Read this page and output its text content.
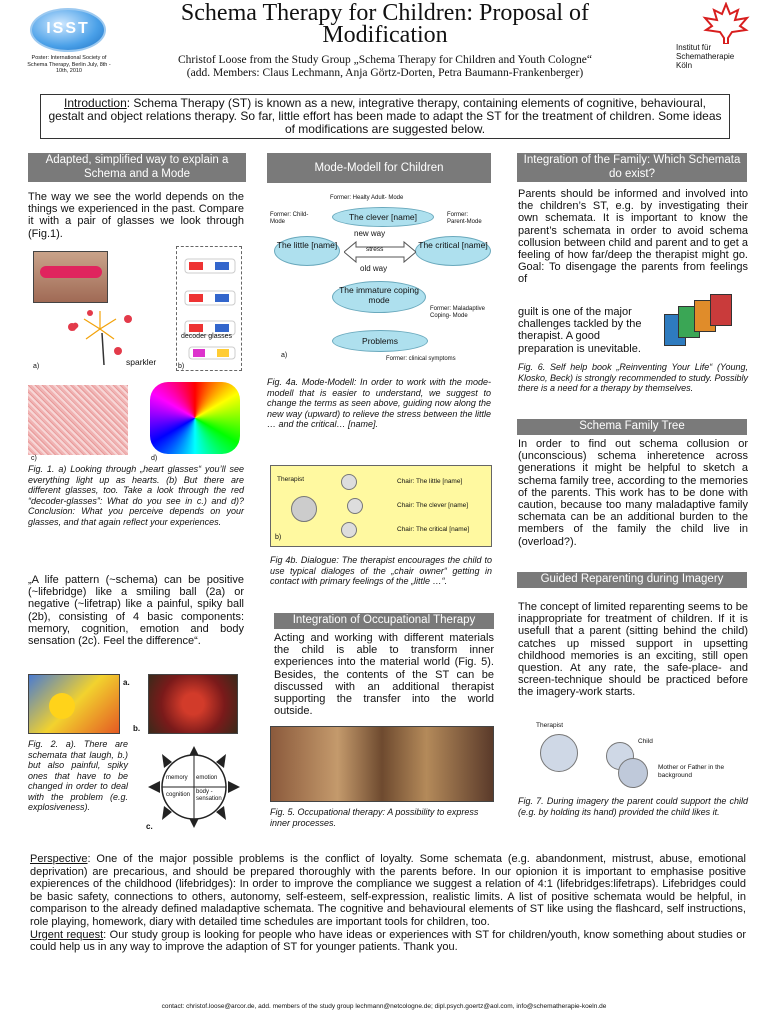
ISST
Poster: International Society of Schema Therapy, Berlin July, 8th - 10th, 2010
Schema Therapy for Children: Proposal of Modification
Christof Loose from the Study Group „Schema Therapy for Children and Youth Cologne“
(add. Members: Claus Lechmann, Anja Görtz-Dorten, Petra Baumann-Frankenberger)
Institut für Schematherapie Köln
Introduction: Schema Therapy (ST) is known as a new, integrative therapy, containing elements of cognitive, behavioural, gestalt and object relations therapy. So far, little effort has been made to adapt the ST for the treatment of children. Some ideas of modifications are suggested below.
Adapted, simplified way to explain a Schema and a Mode
The way we see the world depends on the things we experienced in the past. Compare it with a pair of glasses we look through (Fig.1).
sparkler
a)
decoder glasses
b)
c)	d)
Fig. 1. a) Looking through „heart glasses“ you’ll see everything light up as hearts. (b) But there are different glasses, too. Take a look through the red “decoder-glasses”: What do you see in c.) and d)? Conclusion: What you perceive depends on your glasses, and that again reflect your experiences.
„A life pattern (~schema) can be positive (~lifebridge) like a smiling ball (2a) or negative (~lifetrap) like a painful, spiky ball (2b), consisting of 4 basic components: memory, cognition, emotion and body sensation (2c). Feel the difference“.
a.
b.
Fig. 2. a). There are schemata that laugh, b.) but also painful, spiky ones that have to be changed in order to deal with the problem (e.g. explosiveness).
memory emotion
cognition body - sensation
c.
Mode-Modell for Children
Former: Healty Adult- Mode
The clever [name]
Former: Child-Mode
Former: Parent-Mode
The little [name]	The critical [name]
new way
stress
old way
The immature coping mode
Former: Maladaptive Coping- Mode
Problems
Former: clinical symptoms
a)
Fig. 4a. Mode-Modell: In order to work with the mode-modell that is easier to understand, we suggest to change the terms as seen above, guiding now along the new way (upward) to relieve the stress between the little … and the critical… [name].
Therapist	Chair: The little [name]
Chair: The clever [name]
Chair: The critical [name]
b)
Fig 4b. Dialogue: The therapist encourages the child to use typical dialoges of the „chair owner“ getting in contact with primary feelings of the „little …“.
Integration of Occupational Therapy
Acting and working with different materials the child is able to transform inner experiences into the material world (Fig. 5). Besides, the contents of the ST can be discussed with an additional therapist supporting the transfer into the world outside.
Fig. 5. Occupational therapy: A possibility to express inner processes.
Integration of the Family: Which Schemata do exist?
Parents should be informed and involved into the children’s ST, e.g. by investigating their own schemata. It is important to know the parent’s schemata in order to avoid schema collusion between child and parent and to get a feeling of how far/deep the therapist might go. Goal: To disengage the parents from feelings of
guilt is one of the major challenges tackled by the therapist. A good preparation is unevitable.
Fig. 6. Self help book „Reinventing Your Life“ (Young, Klosko, Beck) is strongly recommended to study. Possibly there is a need for a therapy by themselves.
Schema Family Tree
In order to find out schema collusion or (unconscious) schema inheretence across generations it might be helpful to sketch a schema family tree, according to the memories of the parents. This work has to be done with caution, because too many maladaptive family schemata can be an additional burden to the members of the family the child live in (overload?).
Guided Reparenting during Imagery
The concept of limited reparenting seems to be inappropriate for treatment of children. If it is usefull that a parent (sitting behind the child) catches up missed support in upsetting childhood memories is an exciting, still open question. At any rate, the safe-place- and screen-technique should be practiced before the imagery-work starts.
Therapist
Child
Mother or Father in the background
Fig. 7. During imagery the parent could support the child (e.g. by holding its hand) provided the child likes it.
Perspective: One of the major possible problems is the conflict of loyalty. Some schemata (e.g. abandonment, mistrust, abuse, emotional deprivation) are precarious, and should be prepared thoroughly with the parents before. In our opionion it is important to emphasise positive expierences of the childhood (lifebridges): In order to improve the compliance we suggest a relation of 4:1 (lifebridges:lifetraps). Lifebridges could be basic safety, connections to others, autonomy, self-esteem, self-expression, realistic limits. A list of positive schemata would be helpful, in comparison to the already defined maladaptive schemata. The cognitive and behavioural elements of ST like using the flashcard, self instructions, role playing, homework, diary with detailed time schedules are important tools for children, too.
Urgent request: Our study group is looking for people who have ideas or experiences with ST for children/youth, know something about studies or could help us in any way to improve the adaption of ST for younger patients. Thank you.
contact: christof.loose@arcor.de, add. members of the study group lechmann@netcologne.de; dipl.psych.goertz@aol.com, info@schematherapie-koeln.de
